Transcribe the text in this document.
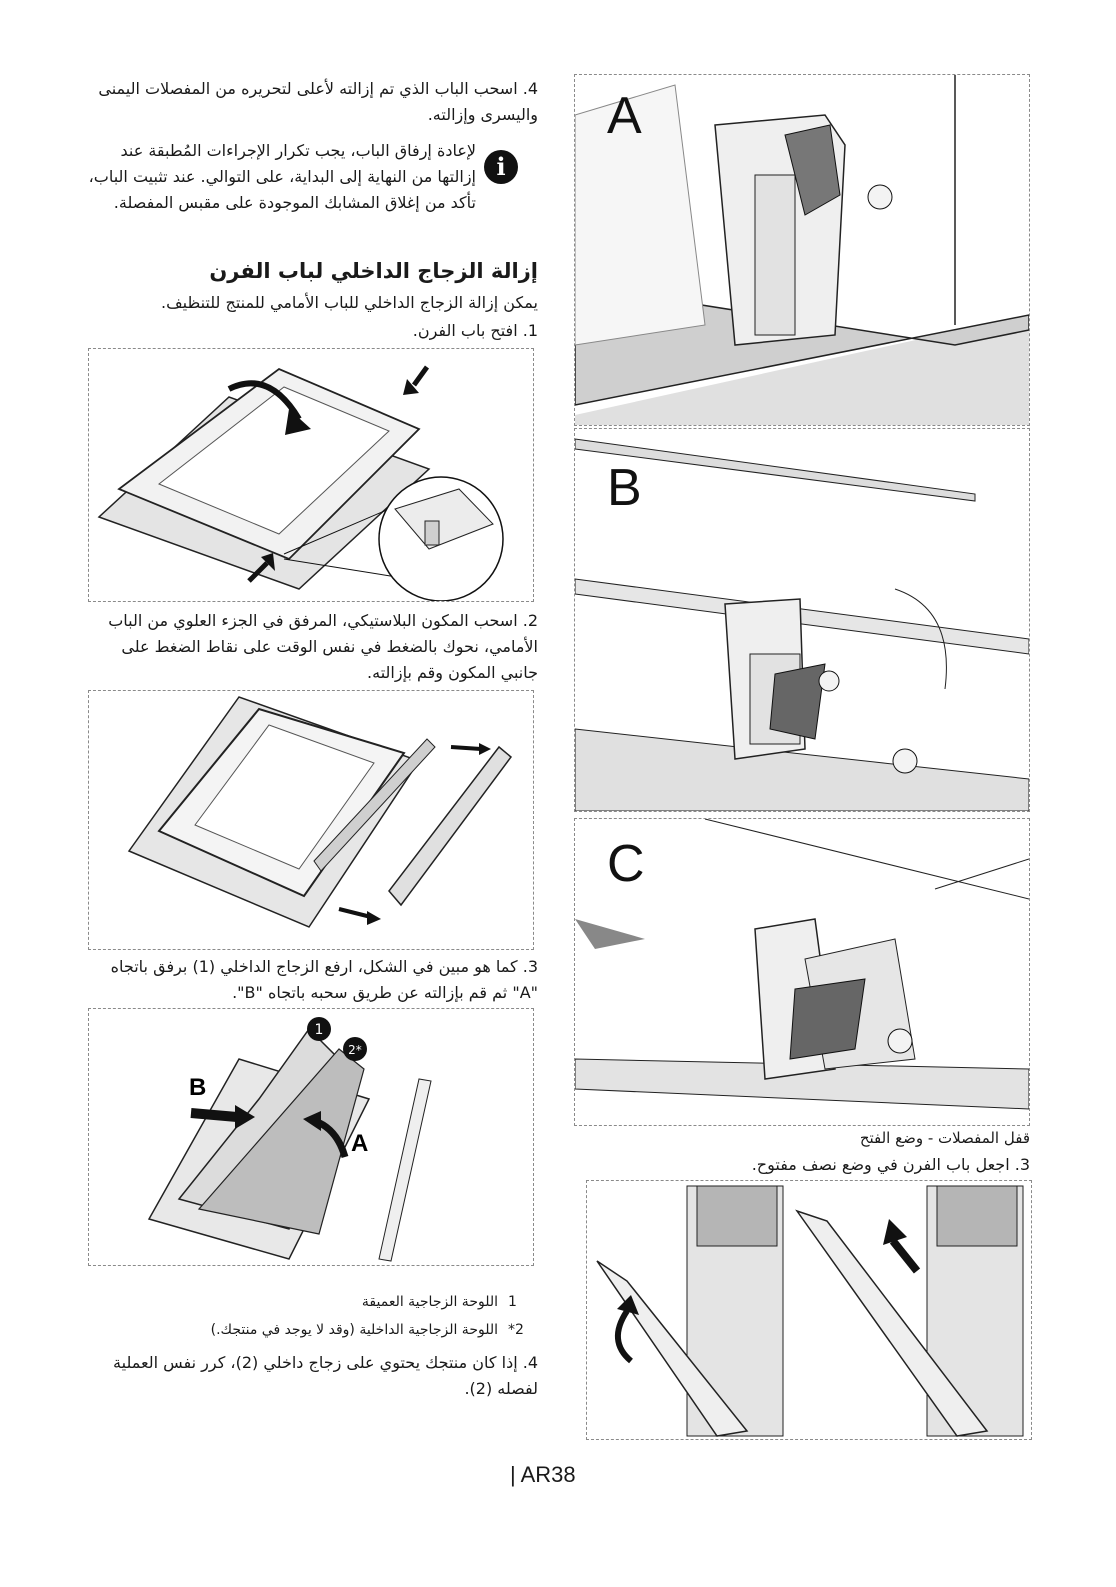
4. اسحب الباب الذي تم إزالته لأعلى لتحريره من المفصلات اليمنى واليسرى وإزالته.
i
لإعادة إرفاق الباب، يجب تكرار الإجراءات المُطبقة عند إزالتها من النهاية إلى البداية، على التوالي. عند تثبيت الباب، تأكد من إغلاق المشابك الموجودة على مقبس المفصلة.
إزالة الزجاج الداخلي لباب الفرن
يمكن إزالة الزجاج الداخلي للباب الأمامي للمنتج للتنظيف.
1. افتح باب الفرن.
2. اسحب المكون البلاستيكي، المرفق في الجزء العلوي من الباب الأمامي، نحوك بالضغط في نفس الوقت على نقاط الضغط على جانبي المكون وقم بإزالته.
3. كما هو مبين في الشكل، ارفع الزجاج الداخلي (1) برفق باتجاه "A" ثم قم بإزالته عن طريق سحبه باتجاه "B".
1
2*
B
A
1
اللوحة الزجاجية العميقة
*2
اللوحة الزجاجية الداخلية (وقد لا يوجد في منتجك.)
4. إذا كان منتجك يحتوي على زجاج داخلي (2)، كرر نفس العملية لفصله (2).
A
B
C
قفل المفصلات - وضع الفتح
3. اجعل باب الفرن في وضع نصف مفتوح.
| AR38
